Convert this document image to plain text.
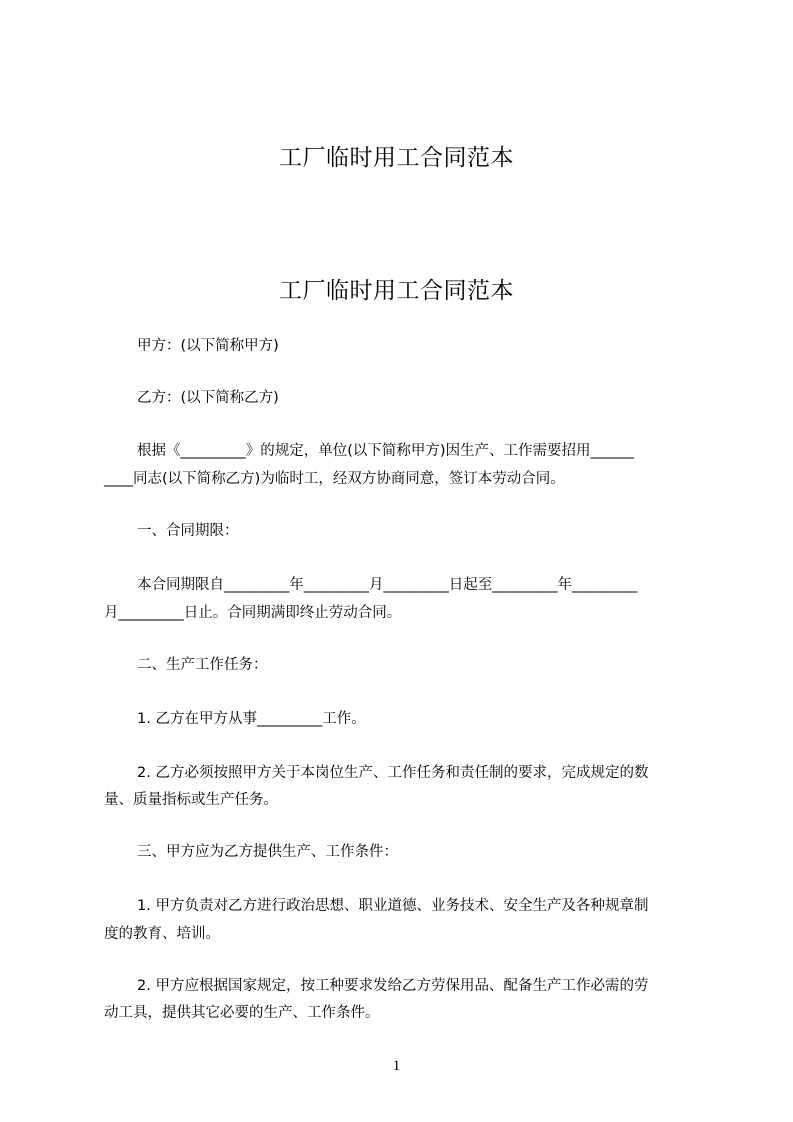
工厂临时用工合同范本
工厂临时用工合同范本
甲方：(以下简称甲方)
乙方：(以下简称乙方)
根据《_________》的规定，单位(以下简称甲方)因生产、工作需要招用______
____同志(以下简称乙方)为临时工，经双方协商同意，签订本劳动合同。
一、合同期限：
本合同期限自_________年_________月_________日起至_________年_________
月_________日止。合同期满即终止劳动合同。
二、生产工作任务：
1. 乙方在甲方从事_________工作。
2. 乙方必须按照甲方关于本岗位生产、工作任务和责任制的要求，完成规定的数
量、质量指标或生产任务。
三、甲方应为乙方提供生产、工作条件：
1. 甲方负责对乙方进行政治思想、职业道德、业务技术、安全生产及各种规章制
度的教育、培训。
2. 甲方应根据国家规定，按工种要求发给乙方劳保用品、配备生产工作必需的劳
动工具，提供其它必要的生产、工作条件。
1
